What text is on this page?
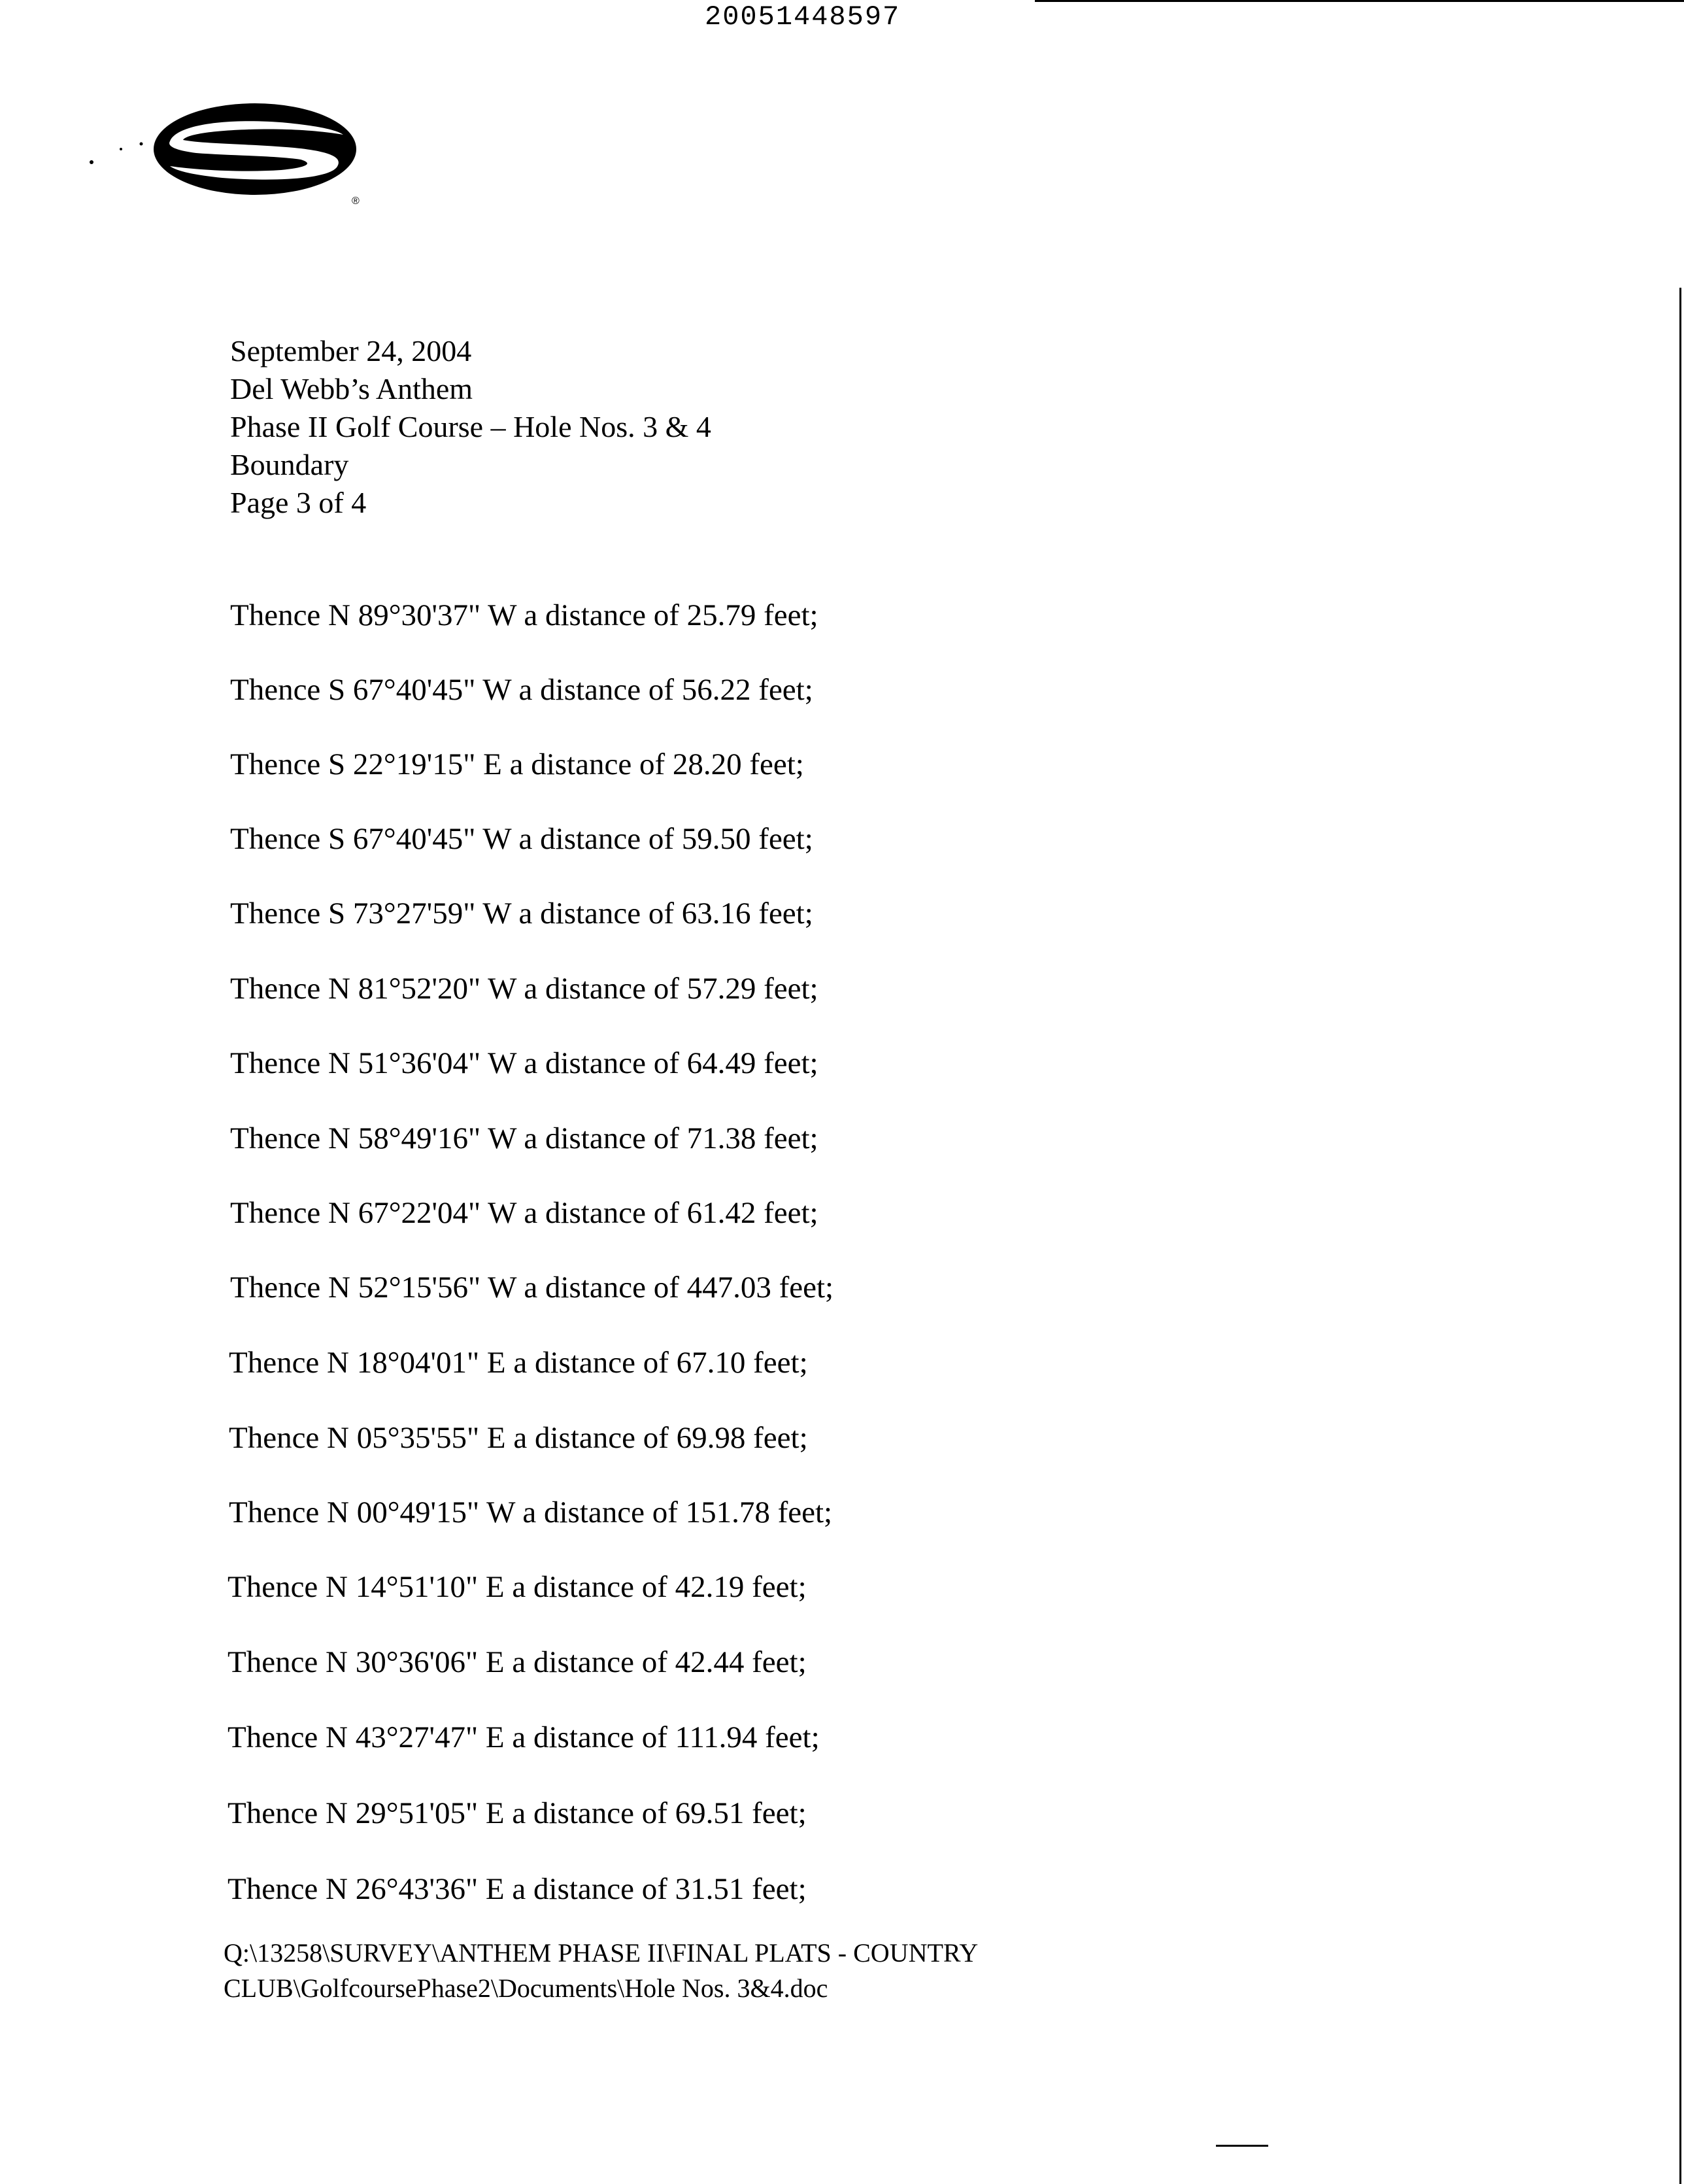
20051448597
®
September 24, 2004
Del Webb’s Anthem
Phase II Golf Course – Hole Nos. 3 & 4
Boundary
Page 3 of 4
Thence N 89°30'37" W a distance of 25.79 feet;
Thence S 67°40'45" W a distance of 56.22 feet;
Thence S 22°19'15" E a distance of 28.20 feet;
Thence S 67°40'45" W a distance of 59.50 feet;
Thence S 73°27'59" W a distance of 63.16 feet;
Thence N 81°52'20" W a distance of 57.29 feet;
Thence N 51°36'04" W a distance of 64.49 feet;
Thence N 58°49'16" W a distance of 71.38 feet;
Thence N 67°22'04" W a distance of 61.42 feet;
Thence N 52°15'56" W a distance of 447.03 feet;
Thence N 18°04'01" E a distance of 67.10 feet;
Thence N 05°35'55" E a distance of 69.98 feet;
Thence N 00°49'15" W a distance of 151.78 feet;
Thence N 14°51'10" E a distance of 42.19 feet;
Thence N 30°36'06" E a distance of 42.44 feet;
Thence N 43°27'47" E a distance of 111.94 feet;
Thence N 29°51'05" E a distance of 69.51 feet;
Thence N 26°43'36" E a distance of 31.51 feet;
Q:\13258\SURVEY\ANTHEM PHASE II\FINAL PLATS - COUNTRY
CLUB\GolfcoursePhase2\Documents\Hole Nos. 3&4.doc
